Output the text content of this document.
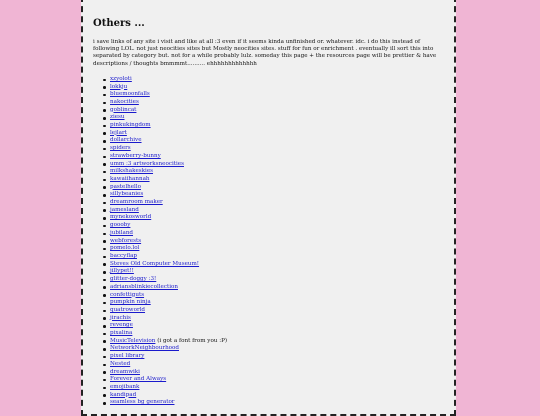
Others ...

i save links of any site i visit and like at all :3 even if it seems kinda unfinished or. whatever. idc. i do this instead of following LOL. not just neocities sites but Mostly neocities sites. stuff for fun or enrichment . eventually ill sort this into separated by category but. not for a while probably lulz. someday this page + the resources page will be prettier & have descriptions / thoughts bmmmmt.......... ehhhhhhhhhhhhh

xzyoloti
lokkju
bluemoonfalls
nakocities
goblincat
ziesu
pinkukingdom
lejlart
dollarchive
spiders
strawberry-bunny
umm :3 artworksneocities
milkshakeskies
kawaiihannah
pastelhello
sillybeanies
dreamroom maker
jamesland
mynekosworld
goooby
jubiland
webforests
pomelo.lol
baccyflap
Steves Old Computer Museum!
jillypet!!
glitter-doggy :3!
adriansblinkiecollection
confettiguts
pumpkin ninja
quatroworld
jirachis
revenge
pixalina
MusicTelevision (i got a font from you :P)
NetworkNeighbourhood
pixel library
Nested
dreamwiki
Forever and Always
emojibank
kandipad
seamless bg generator
